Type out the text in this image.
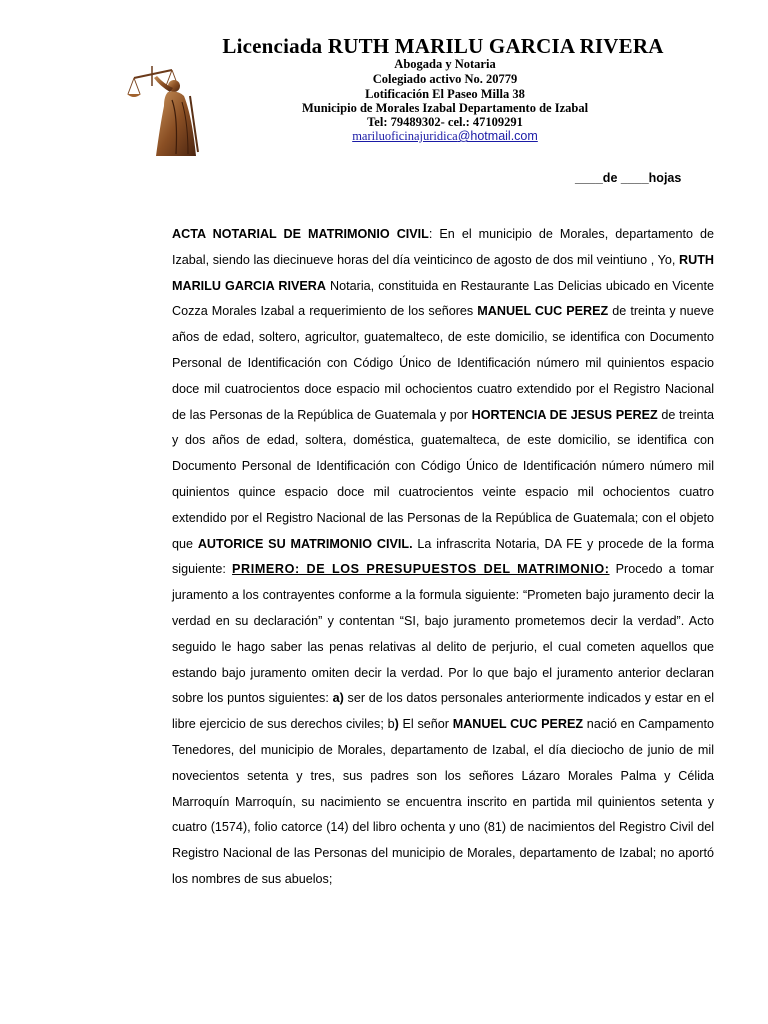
Licenciada RUTH MARILU GARCIA RIVERA
Abogada y Notaria
Colegiado activo No. 20779
Lotificación El Paseo Milla 38
Municipio de Morales Izabal Departamento de Izabal
Tel: 79489302- cel.: 47109291
mariluoficinajuridica@hotmail.com
____de ____hojas

ACTA NOTARIAL DE MATRIMONIO CIVIL: En el municipio de Morales, departamento de Izabal, siendo las diecinueve horas del día veinticinco de agosto de dos mil veintiuno , Yo, RUTH MARILU GARCIA RIVERA Notaria, constituida en Restaurante Las Delicias ubicado en Vicente Cozza Morales Izabal a requerimiento de los señores MANUEL CUC PEREZ de treinta y nueve años de edad, soltero, agricultor, guatemalteco, de este domicilio, se identifica con Documento Personal de Identificación con Código Único de Identificación número mil quinientos espacio doce mil cuatrocientos doce espacio mil ochocientos cuatro extendido por el Registro Nacional de las Personas de la República de Guatemala y por HORTENCIA DE JESUS PEREZ de treinta y dos años de edad, soltera, doméstica, guatemalteca, de este domicilio, se identifica con Documento Personal de Identificación con Código Único de Identificación número número mil quinientos quince espacio doce mil cuatrocientos veinte espacio mil ochocientos cuatro extendido por el Registro Nacional de las Personas de la República de Guatemala; con el objeto que AUTORICE SU MATRIMONIO CIVIL. La infrascrita Notaria, DA FE y procede de la forma siguiente: PRIMERO: DE LOS PRESUPUESTOS DEL MATRIMONIO: Procedo a tomar juramento a los contrayentes conforme a la formula siguiente: “Prometen bajo juramento decir la verdad en su declaración” y contentan “SI, bajo juramento prometemos decir la verdad”. Acto seguido le hago saber las penas relativas al delito de perjurio, el cual cometen aquellos que estando bajo juramento omiten decir la verdad. Por lo que bajo el juramento anterior declaran sobre los puntos siguientes: a) ser de los datos personales anteriormente indicados y estar en el libre ejercicio de sus derechos civiles; b) El señor MANUEL CUC PEREZ nació en Campamento Tenedores, del municipio de Morales, departamento de Izabal, el día dieciocho de junio de mil novecientos setenta y tres, sus padres son los señores Lázaro Morales Palma y Célida Marroquín Marroquín, su nacimiento se encuentra inscrito en partida mil quinientos setenta y cuatro (1574), folio catorce (14) del libro ochenta y uno (81) de nacimientos del Registro Civil del Registro Nacional de las Personas del municipio de Morales, departamento de Izabal; no aportó los nombres de sus abuelos;
